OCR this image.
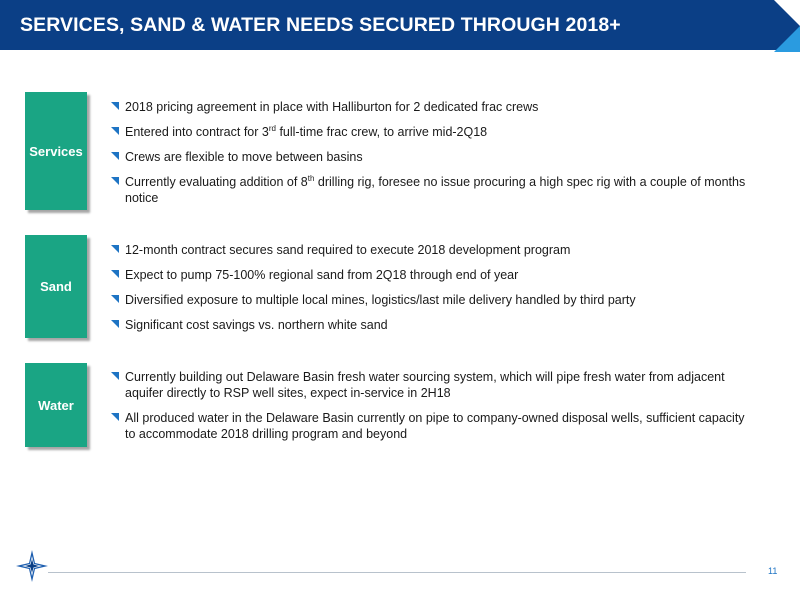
SERVICES, SAND & WATER NEEDS SECURED THROUGH 2018+
Services
2018 pricing agreement in place with Halliburton for 2 dedicated frac crews
Entered into contract for 3rd full-time frac crew, to arrive mid-2Q18
Crews are flexible to move between basins
Currently evaluating addition of 8th drilling rig, foresee no issue procuring a high spec rig with a couple of months notice
Sand
12-month contract secures sand required to execute 2018 development program
Expect to pump 75-100% regional sand from 2Q18 through end of year
Diversified exposure to multiple local mines, logistics/last mile delivery handled by third party
Significant cost savings vs. northern white sand
Water
Currently building out Delaware Basin fresh water sourcing system, which will pipe fresh water from adjacent aquifer directly to RSP well sites, expect in-service in 2H18
All produced water in the Delaware Basin currently on pipe to company-owned disposal wells, sufficient capacity to accommodate 2018 drilling program and beyond
11
